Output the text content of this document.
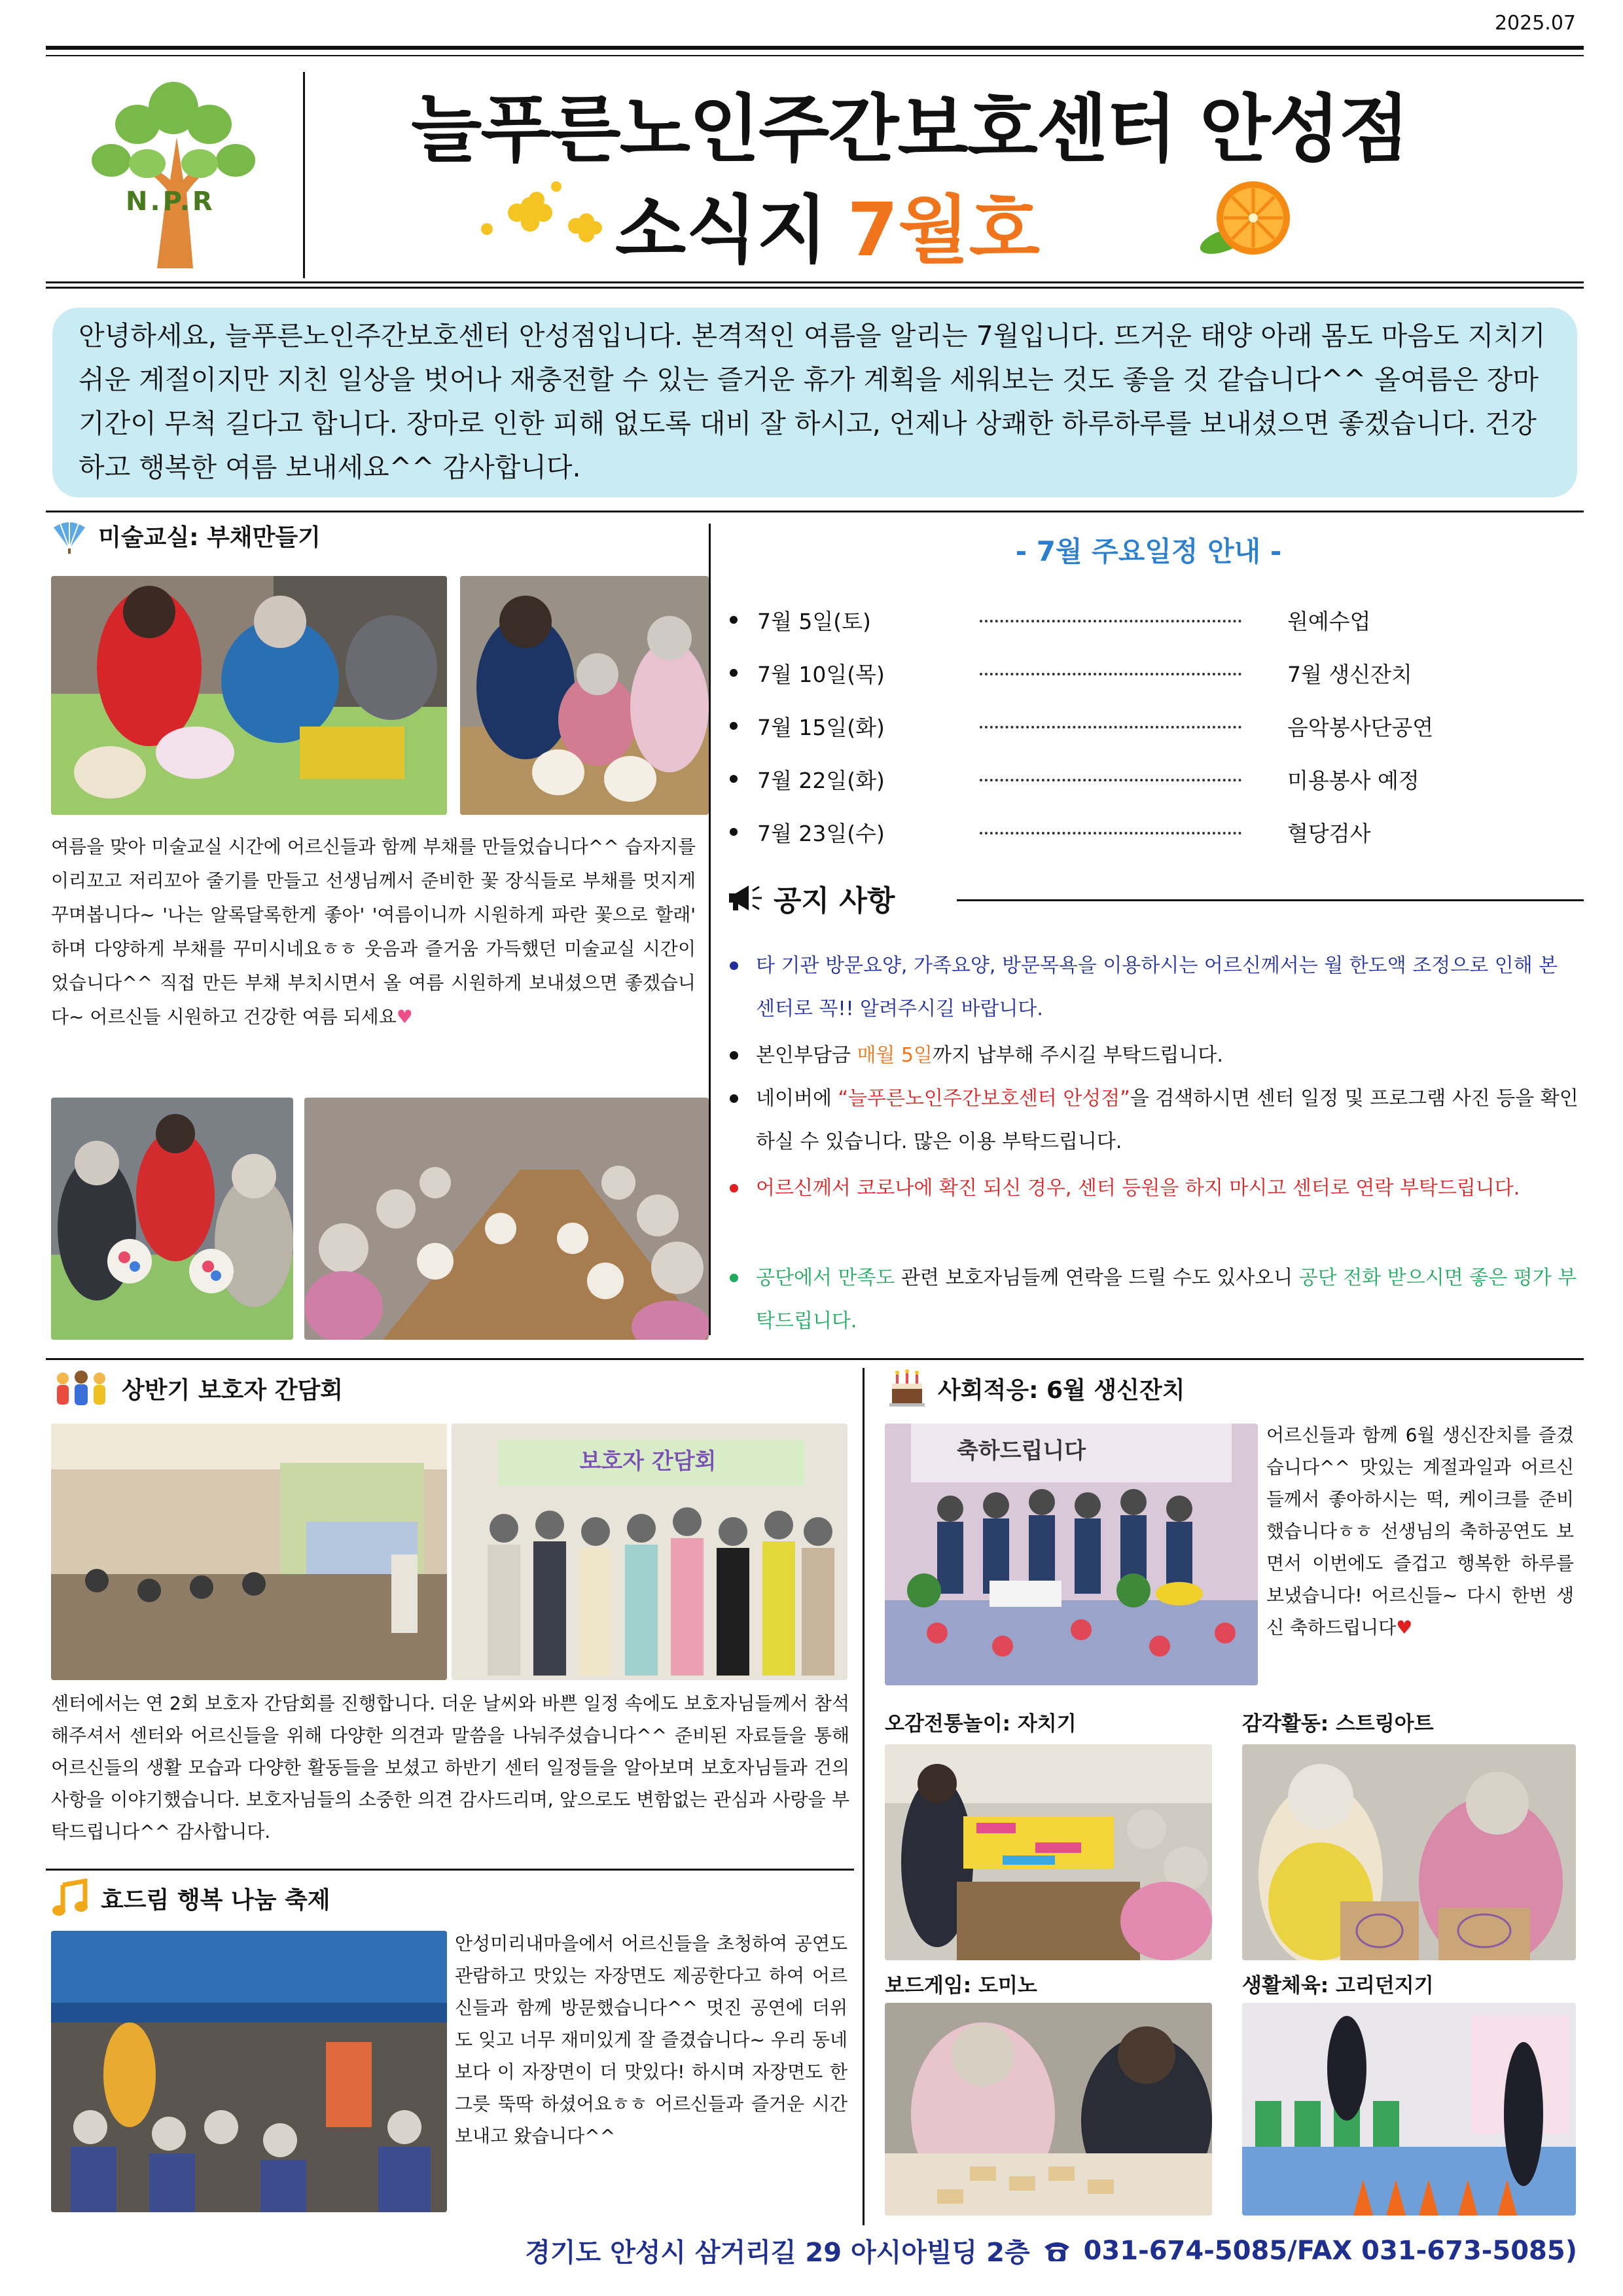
2025.07
N.P.R
늘푸른노인주간보호센터 안성점
소식지 7월호
안녕하세요, 늘푸른노인주간보호센터 안성점입니다. 본격적인 여름을 알리는 7월입니다. 뜨거운 태양 아래 몸도 마음도 지치기 쉬운 계절이지만 지친 일상을 벗어나 재충전할 수 있는 즐거운 휴가 계획을 세워보는 것도 좋을 것 같습니다^^ 올여름은 장마기간이 무척 길다고 합니다. 장마로 인한 피해 없도록 대비 잘 하시고, 언제나 상쾌한 하루하루를 보내셨으면 좋겠습니다. 건강하고 행복한 여름 보내세요^^ 감사합니다.
미술교실: 부채만들기
여름을 맞아 미술교실 시간에 어르신들과 함께 부채를 만들었습니다^^ 습자지를 이리꼬고 저리꼬아 줄기를 만들고 선생님께서 준비한 꽃 장식들로 부채를 멋지게 꾸며봅니다~ '나는 알록달록한게 좋아' '여름이니까 시원하게 파란 꽃으로 할래' 하며 다양하게 부채를 꾸미시네요ㅎㅎ 웃음과 즐거움 가득했던 미술교실 시간이었습니다^^ 직접 만든 부채 부치시면서 올 여름 시원하게 보내셨으면 좋겠습니다~ 어르신들 시원하고 건강한 여름 되세요♥
- 7월 주요일정 안내 -
7월 5일(토)	원예수업
7월 10일(목)	7월 생신잔치
7월 15일(화)	음악봉사단공연
7월 22일(화)	미용봉사 예정
7월 23일(수)	혈당검사
공지 사항
타 기관 방문요양, 가족요양, 방문목욕을 이용하시는 어르신께서는 월 한도액 조정으로 인해 본 센터로 꼭!! 알려주시길 바랍니다.
본인부담금 매월 5일까지 납부해 주시길 부탁드립니다.
네이버에 “늘푸른노인주간보호센터 안성점”을 검색하시면 센터 일정 및 프로그램 사진 등을 확인 하실 수 있습니다. 많은 이용 부탁드립니다.
어르신께서 코로나에 확진 되신 경우, 센터 등원을 하지 마시고 센터로 연락 부탁드립니다.
공단에서 만족도 관련 보호자님들께 연락을 드릴 수도 있사오니 공단 전화 받으시면 좋은 평가 부탁드립니다.
상반기 보호자 간담회
보호자 간담회
센터에서는 연 2회 보호자 간담회를 진행합니다. 더운 날씨와 바쁜 일정 속에도 보호자님들께서 참석해주셔서 센터와 어르신들을 위해 다양한 의견과 말씀을 나눠주셨습니다^^ 준비된 자료들을 통해 어르신들의 생활 모습과 다양한 활동들을 보셨고 하반기 센터 일정들을 알아보며 보호자님들과 건의사항을 이야기했습니다. 보호자님들의 소중한 의견 감사드리며, 앞으로도 변함없는 관심과 사랑을 부탁드립니다^^ 감사합니다.
효드림 행복 나눔 축제
안성미리내마을에서 어르신들을 초청하여 공연도 관람하고 맛있는 자장면도 제공한다고 하여 어르신들과 함께 방문했습니다^^ 멋진 공연에 더위도 잊고 너무 재미있게 잘 즐겼습니다~ 우리 동네보다 이 자장면이 더 맛있다! 하시며 자장면도 한그릇 뚝딱 하셨어요ㅎㅎ 어르신들과 즐거운 시간 보내고 왔습니다^^
사회적응: 6월 생신잔치
축하드립니다
어르신들과 함께 6월 생신잔치를 즐겼습니다^^ 맛있는 계절과일과 어르신들께서 좋아하시는 떡, 케이크를 준비했습니다ㅎㅎ 선생님의 축하공연도 보면서 이번에도 즐겁고 행복한 하루를 보냈습니다! 어르신들~ 다시 한번 생신 축하드립니다♥
오감전통놀이: 자치기	감각활동: 스트링아트
보드게임: 도미노	생활체육: 고리던지기
경기도 안성시 삼거리길 29 아시아빌딩 2층 031-674-5085/FAX 031-673-5085)
